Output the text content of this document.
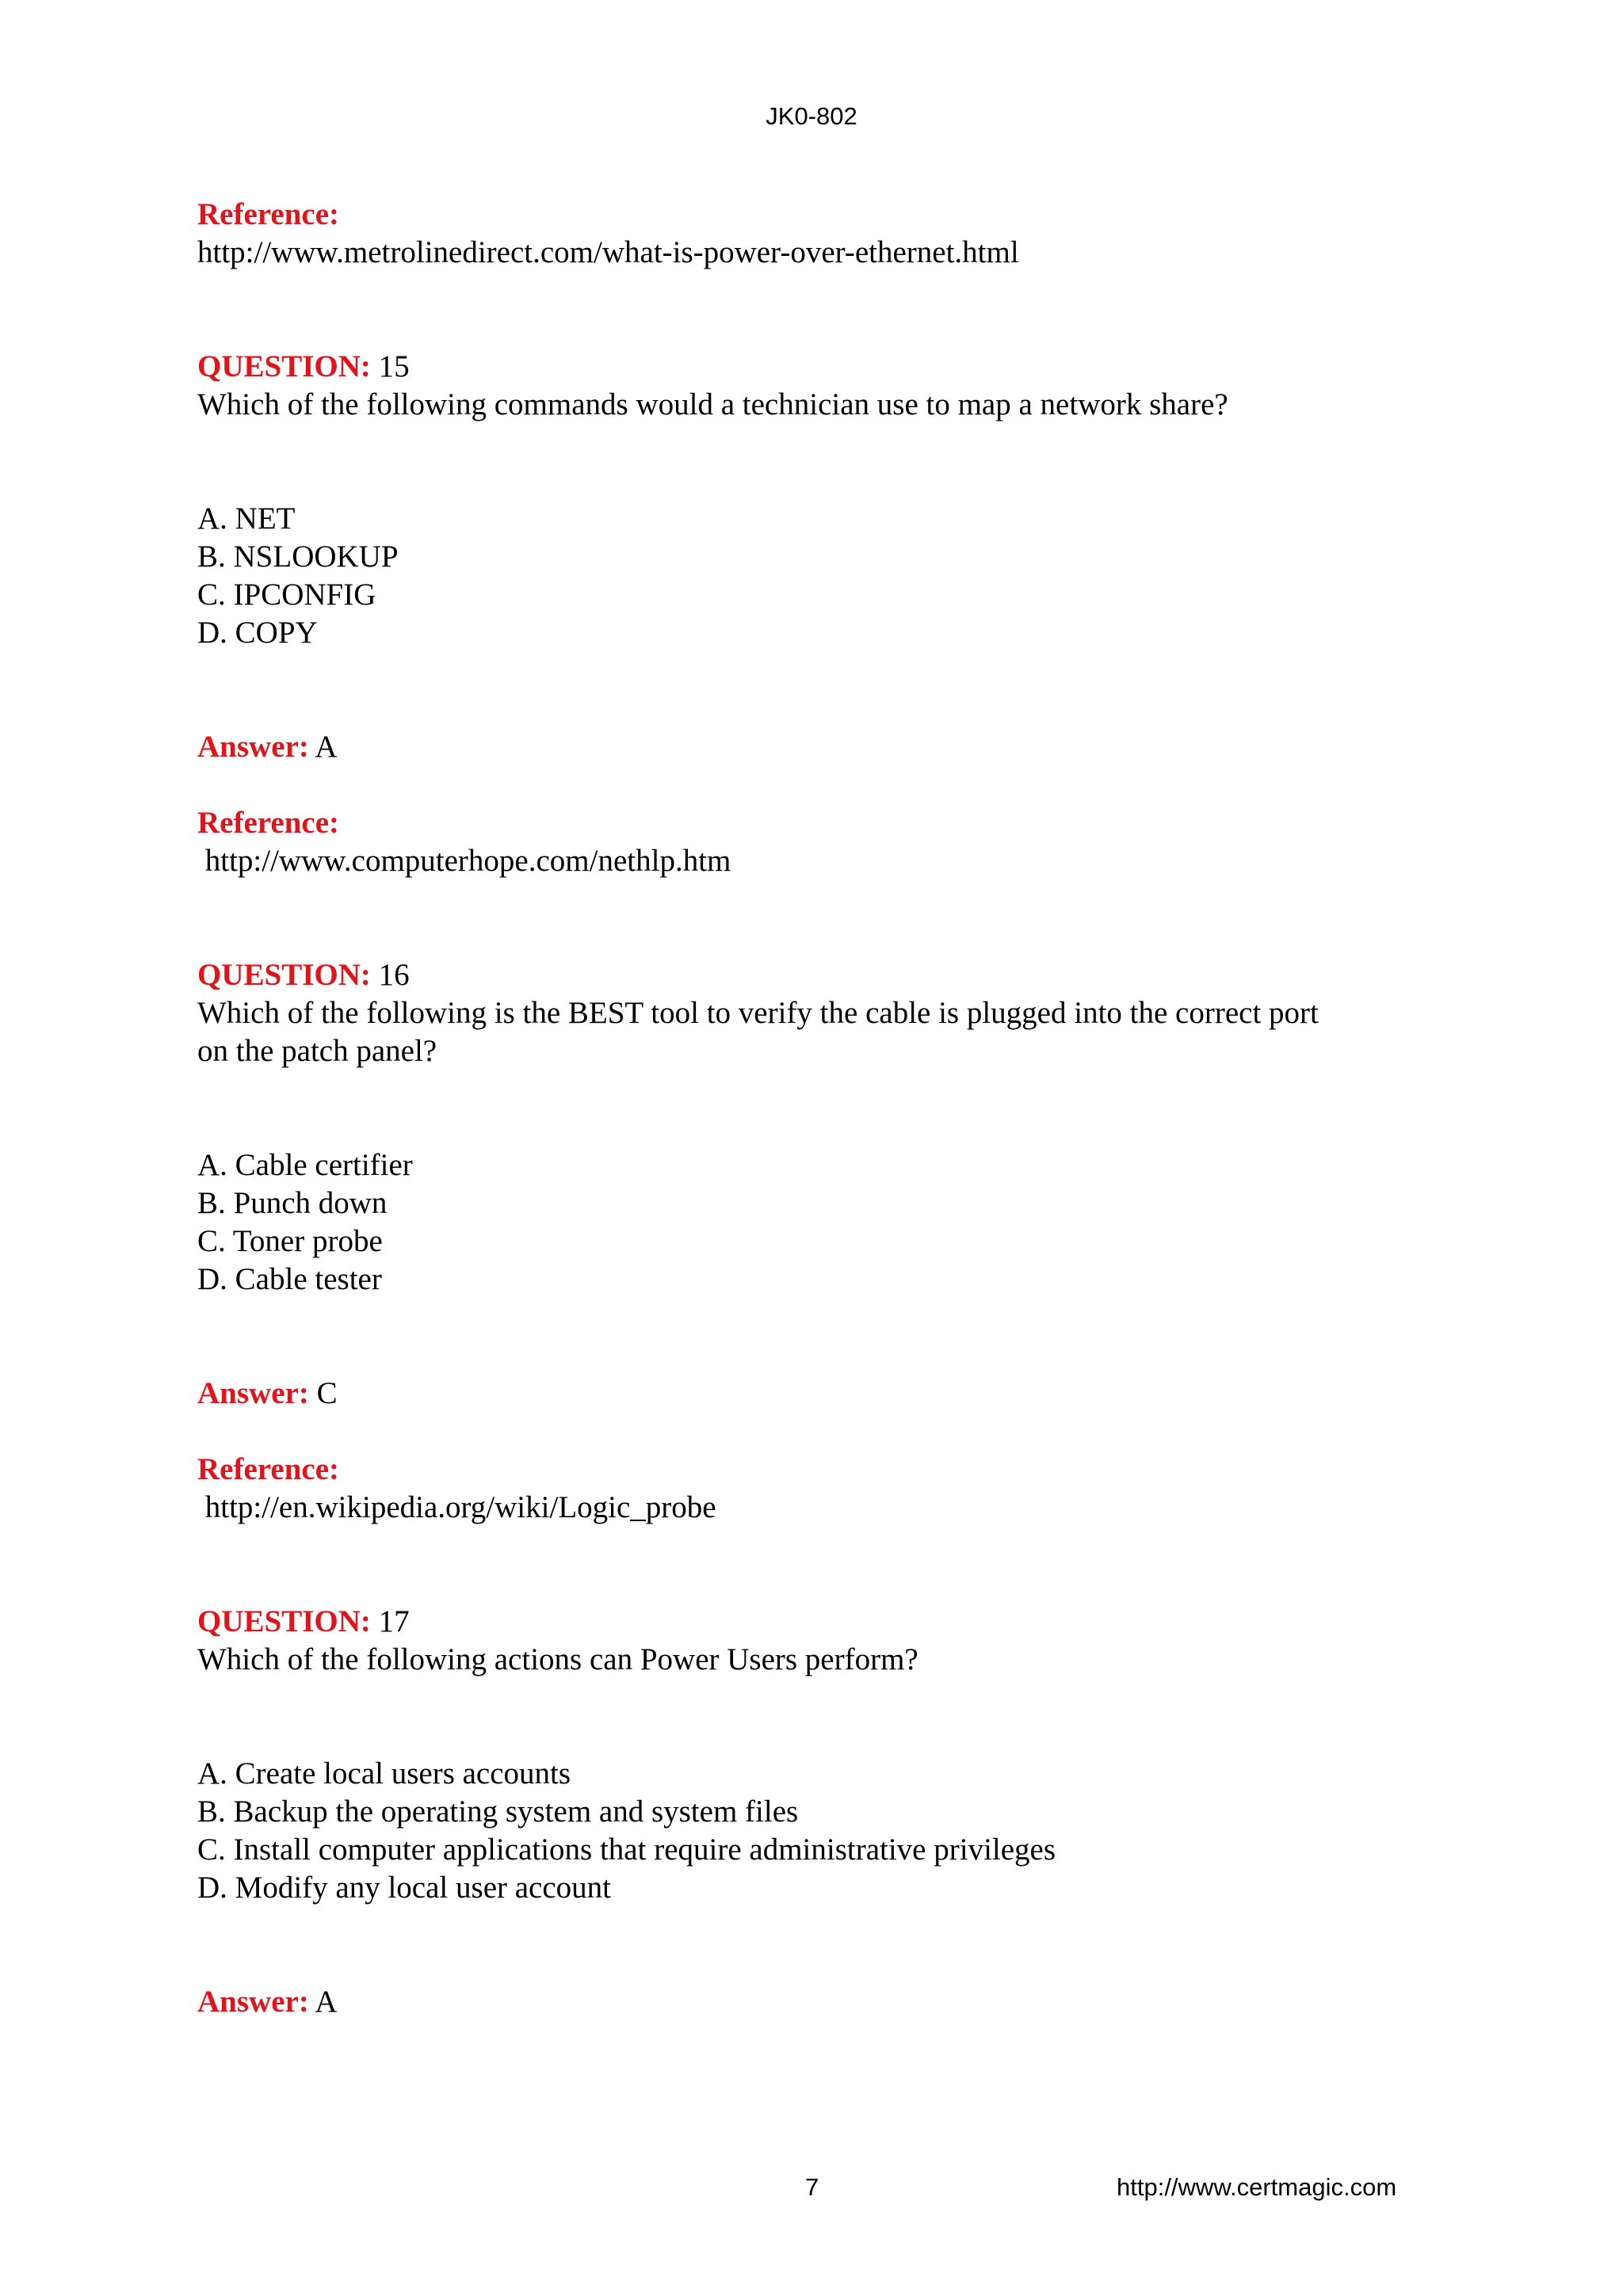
JK0-802
Reference:
http://www.metrolinedirect.com/what-is-power-over-ethernet.html
QUESTION: 15
Which of the following commands would a technician use to map a network share?
A. NET
B. NSLOOKUP
C. IPCONFIG
D. COPY
Answer: A
Reference:
http://www.computerhope.com/nethlp.htm
QUESTION: 16
Which of the following is the BEST tool to verify the cable is plugged into the correct port
on the patch panel?
A. Cable certifier
B. Punch down
C. Toner probe
D. Cable tester
Answer: C
Reference:
http://en.wikipedia.org/wiki/Logic_probe
QUESTION: 17
Which of the following actions can Power Users perform?
A. Create local users accounts
B. Backup the operating system and system files
C. Install computer applications that require administrative privileges
D. Modify any local user account
Answer: A
7	http://www.certmagic.com
